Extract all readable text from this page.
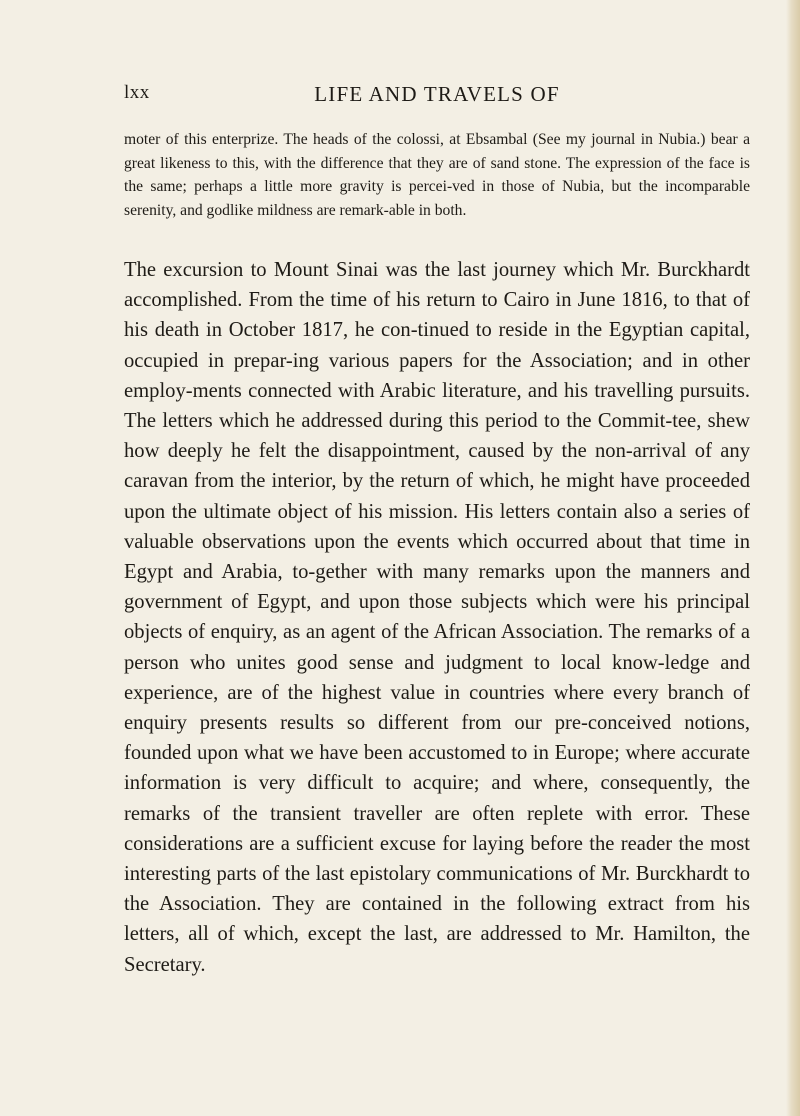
lxx	LIFE AND TRAVELS OF

moter of this enterprize. The heads of the colossi, at Ebsambal (See my journal in Nubia.) bear a great likeness to this, with the difference that they are of sand stone. The expression of the face is the same; perhaps a little more gravity is percei-ved in those of Nubia, but the incomparable serenity, and godlike mildness are remark-able in both.

The excursion to Mount Sinai was the last journey which Mr. Burckhardt accomplished. From the time of his return to Cairo in June 1816, to that of his death in October 1817, he con-tinued to reside in the Egyptian capital, occupied in prepar-ing various papers for the Association; and in other employ-ments connected with Arabic literature, and his travelling pursuits. The letters which he addressed during this period to the Commit-tee, shew how deeply he felt the disappointment, caused by the non-arrival of any caravan from the interior, by the return of which, he might have proceeded upon the ultimate object of his mission. His letters contain also a series of valuable observations upon the events which occurred about that time in Egypt and Arabia, to-gether with many remarks upon the manners and government of Egypt, and upon those subjects which were his principal objects of enquiry, as an agent of the African Association. The remarks of a person who unites good sense and judgment to local know-ledge and experience, are of the highest value in countries where every branch of enquiry presents results so different from our pre-conceived notions, founded upon what we have been accustomed to in Europe; where accurate information is very difficult to acquire; and where, consequently, the remarks of the transient traveller are often replete with error. These considerations are a sufficient excuse for laying before the reader the most interesting parts of the last epistolary communications of Mr. Burckhardt to the Association. They are contained in the following extract from his letters, all of which, except the last, are addressed to Mr. Hamilton, the Secretary.
